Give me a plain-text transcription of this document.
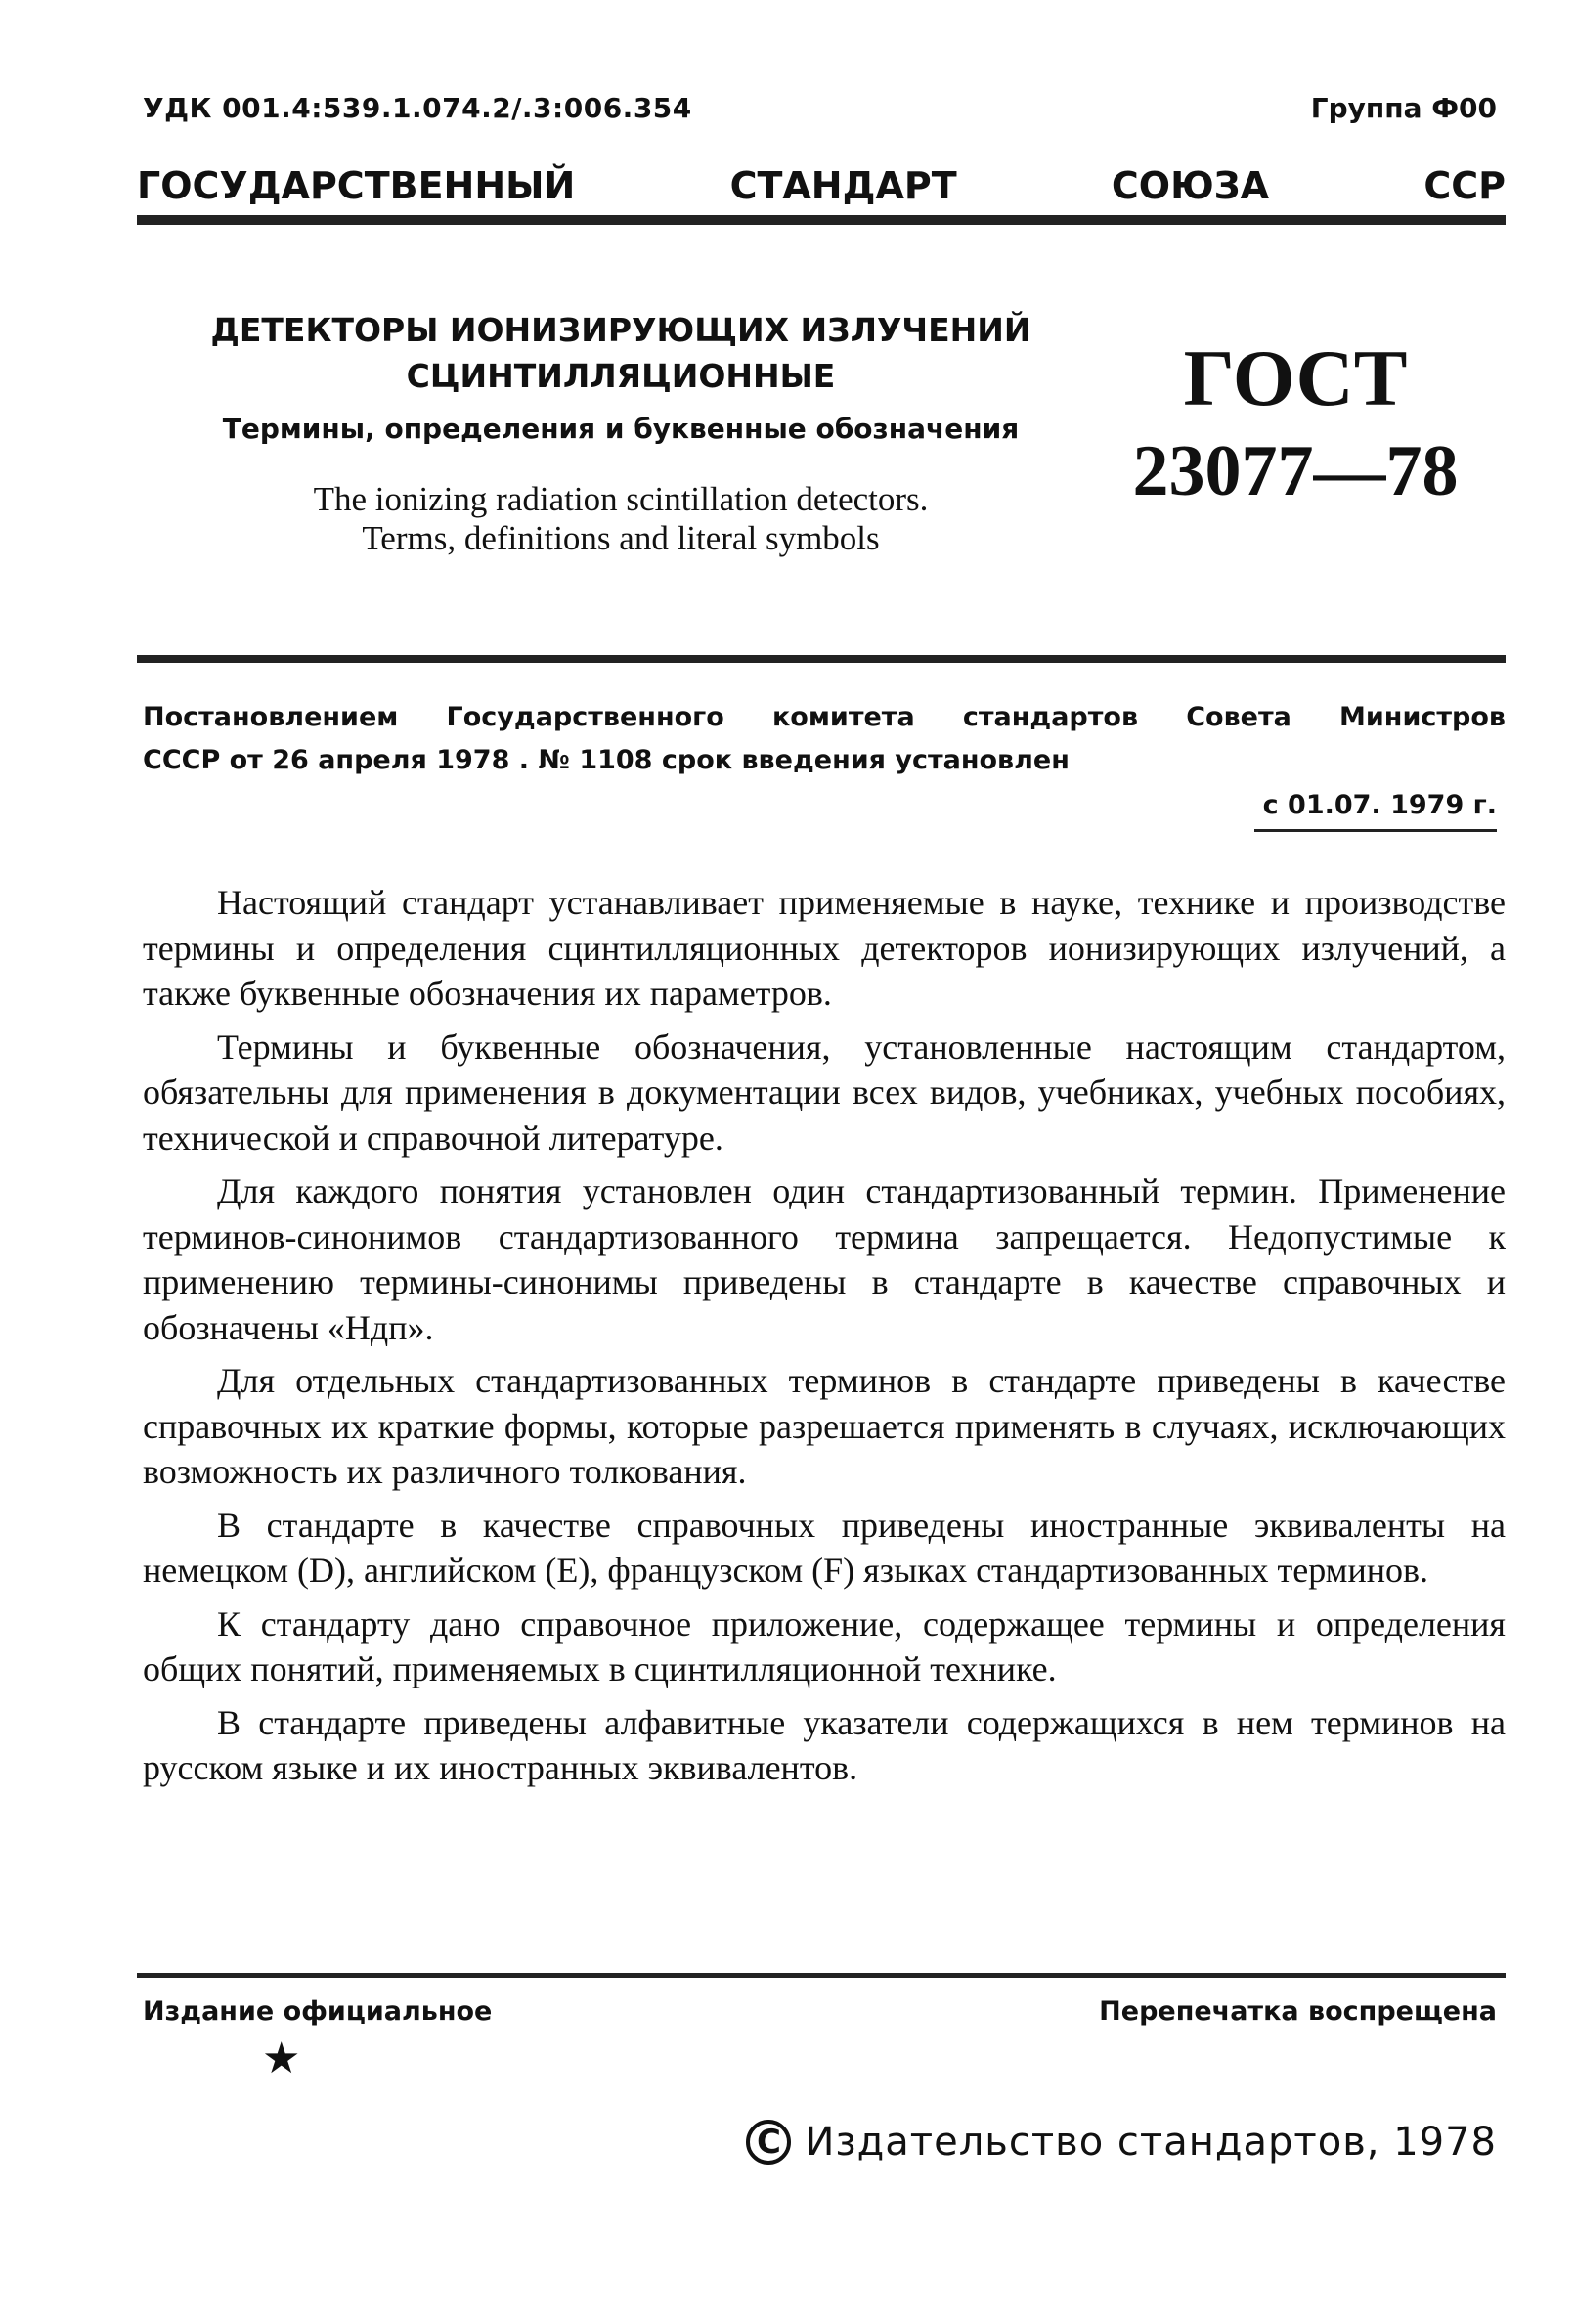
УДК 001.4:539.1.074.2/.3:006.354	Группа Ф00
ГОСУДАРСТВЕННЫЙ	СТАНДАРТ	СОЮЗА	ССР
ДЕТЕКТОРЫ ИОНИЗИРУЮЩИХ ИЗЛУЧЕНИЙ
СЦИНТИЛЛЯЦИОННЫЕ
Термины, определения и буквенные обозначения
The ionizing radiation scintillation detectors.
Terms, definitions and literal symbols
ГОСТ
23077—78
Постановлением Государственного комитета стандартов Совета Министров
СССР от 26 апреля 1978 . № 1108 срок введения установлен
с 01.07. 1979 г.

Настоящий стандарт устанавливает применяемые в науке, технике и производстве термины и определения сцинтилляционных детекторов ионизирующих излучений, а также буквенные обозначения их параметров.

Термины и буквенные обозначения, установленные настоящим стандартом, обязательны для применения в документации всех видов, учебниках, учебных пособиях, технической и справочной литературе.

Для каждого понятия установлен один стандартизованный термин. Применение терминов-синонимов стандартизованного термина запрещается. Недопустимые к применению термины-синонимы приведены в стандарте в качестве справочных и обозначены «Ндп».

Для отдельных стандартизованных терминов в стандарте приведены в качестве справочных их краткие формы, которые разрешается применять в случаях, исключающих возможность их различного толкования.

В стандарте в качестве справочных приведены иностранные эквиваленты на немецком (D), английском (E), французском (F) языках стандартизованных терминов.

К стандарту дано справочное приложение, содержащее термины и определения общих понятий, применяемых в сцинтилляционной технике.

В стандарте приведены алфавитные указатели содержащихся в нем терминов на русском языке и их иностранных эквивалентов.

Издание официальное	Перепечатка воспрещена
★
С Издательство стандартов, 1978
